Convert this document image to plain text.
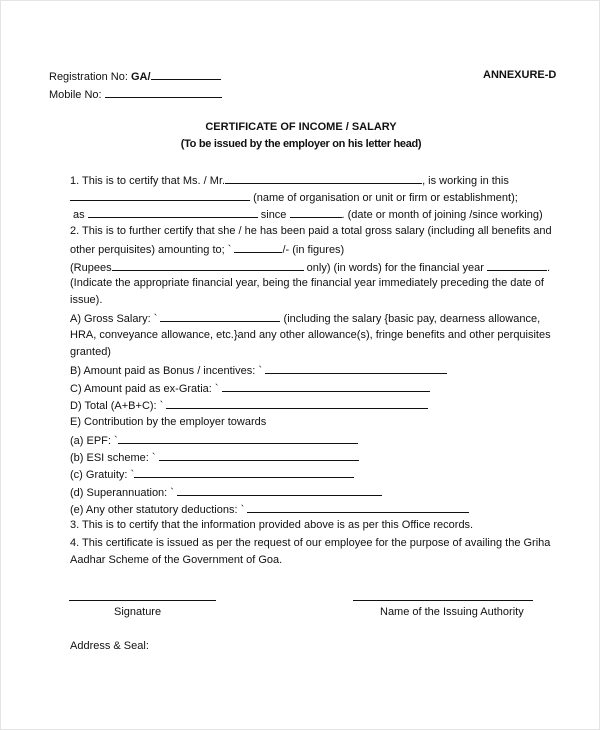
Registration No: GA/	ANNEXURE-D
Mobile No:
CERTIFICATE OF INCOME / SALARY
(To be issued by the employer on his letter head)
1. This is to certify that Ms. / Mr.	, is working in this
(name of organisation or unit or firm or establishment);
as	since	. (date or month of joining /since working)
2. This is to further certify that she / he has been paid a total gross salary (including all benefits and
other perquisites) amounting to; `	/- (in figures)
(Rupees	only) (in words) for the financial year	.
(Indicate the appropriate financial year, being the financial year immediately preceding the date of
issue).
A) Gross Salary: `	(including the salary {basic pay, dearness allowance,
HRA, conveyance allowance, etc.}and any other allowance(s), fringe benefits and other perquisites
granted)
B) Amount paid as Bonus / incentives: `
C) Amount paid as ex-Gratia: `
D) Total (A+B+C): `
E) Contribution by the employer towards
(a) EPF: `
(b) ESI scheme: `
(c) Gratuity: `
(d) Superannuation: `
(e) Any other statutory deductions: `
3. This is to certify that the information provided above is as per this Office records.
4. This certificate is issued as per the request of our employee for the purpose of availing the Griha
Aadhar Scheme of the Government of Goa.
Signature	Name of the Issuing Authority
Address & Seal:
